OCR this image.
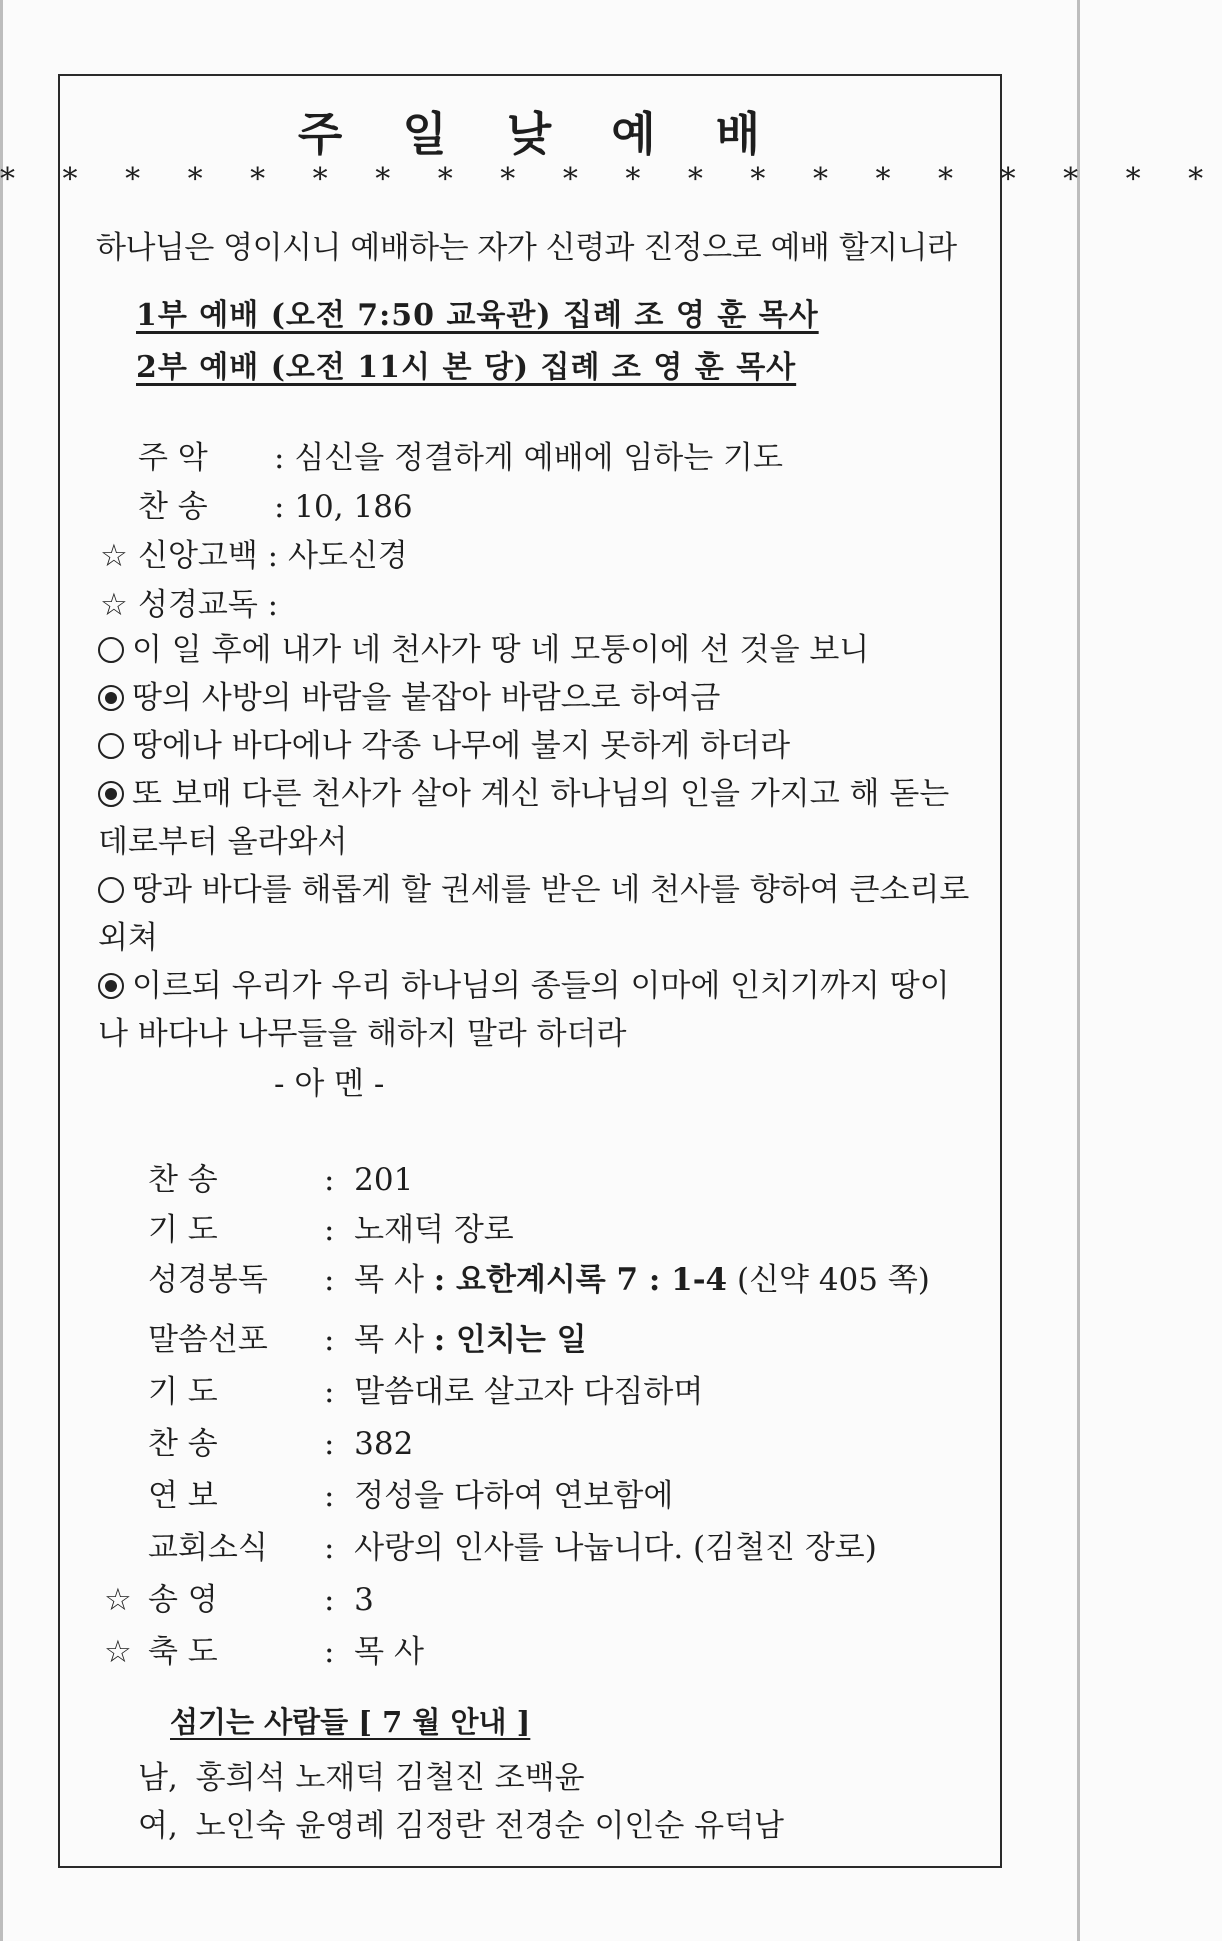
주 일 낮 예 배
* * * * * * * * * * * * * * * * * * * *
하나님은 영이시니 예배하는 자가 신령과 진정으로 예배 할지니라
1부 예배 (오전 7:50 교육관) 집례 조 영 훈 목사
2부 예배 (오전 11시 본 당) 집례 조 영 훈 목사
주 악 : 심신을 정결하게 예배에 임하는 기도
찬 송 : 10, 186
☆ 신앙고백 : 사도신경
☆ 성경교독 :
이 일 후에 내가 네 천사가 땅 네 모퉁이에 선 것을 보니
땅의 사방의 바람을 붙잡아 바람으로 하여금
땅에나 바다에나 각종 나무에 불지 못하게 하더라
또 보매 다른 천사가 살아 계신 하나님의 인을 가지고 해 돋는 데로부터 올라와서
땅과 바다를 해롭게 할 권세를 받은 네 천사를 향하여 큰소리로 외쳐
이르되 우리가 우리 하나님의 종들의 이마에 인치기까지 땅이나 바다나 나무들을 해하지 말라 하더라
- 아 멘 -
찬 송	:  201
기 도	:  노재덕 장로
성경봉독 :  목 사 : 요한계시록 7 : 1-4 (신약 405 쪽)
말씀선포 :  목 사 : 인치는 일
기 도	:  말씀대로 살고자 다짐하며
찬 송	:  382
연 보	:  정성을 다하여 연보함에
교회소식 :  사랑의 인사를 나눕니다. (김철진 장로)
☆ 송 영	:  3
☆ 축 도	:  목 사
섬기는 사람들 [ 7 월 안내 ]
남, 홍희석 노재덕 김철진 조백윤
여, 노인숙 윤영례 김정란 전경순 이인순 유덕남
